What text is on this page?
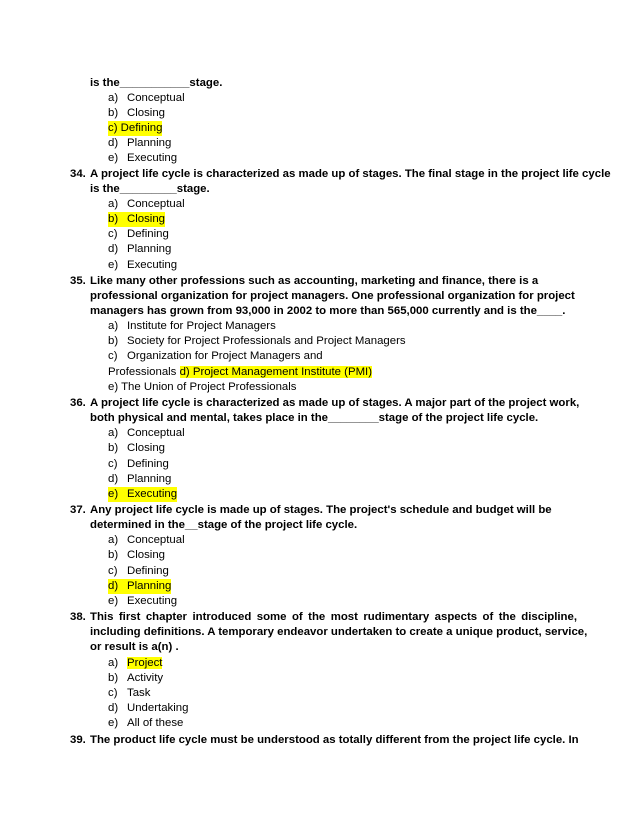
is the___________stage.
a) Conceptual
b) Closing
c) Defining
d) Planning
e) Executing
34. A project life cycle is characterized as made up of stages. The final stage in the project life cycle
is the_________stage.
a) Conceptual
b) Closing
c) Defining
d) Planning
e) Executing
35. Like many other professions such as accounting, marketing and finance, there is a
professional organization for project managers. One professional organization for project
managers has grown from 93,000 in 2002 to more than 565,000 currently and is the____.
a) Institute for Project Managers
b) Society for Project Professionals and Project Managers
c) Organization for Project Managers and
Professionals d) Project Management Institute (PMI)
e) The Union of Project Professionals
36. A project life cycle is characterized as made up of stages. A major part of the project work,
both physical and mental, takes place in the________stage of the project life cycle.
a) Conceptual
b) Closing
c) Defining
d) Planning
e) Executing
37. Any project life cycle is made up of stages. The project's schedule and budget will be
determined in the__stage of the project life cycle.
a) Conceptual
b) Closing
c) Defining
d) Planning
e) Executing
38. This first chapter introduced some of the most rudimentary aspects of the discipline,
including definitions. A temporary endeavor undertaken to create a unique product, service,
or result is a(n) .
a) Project
b) Activity
c) Task
d) Undertaking
e) All of these
39. The product life cycle must be understood as totally different from the project life cycle. In
